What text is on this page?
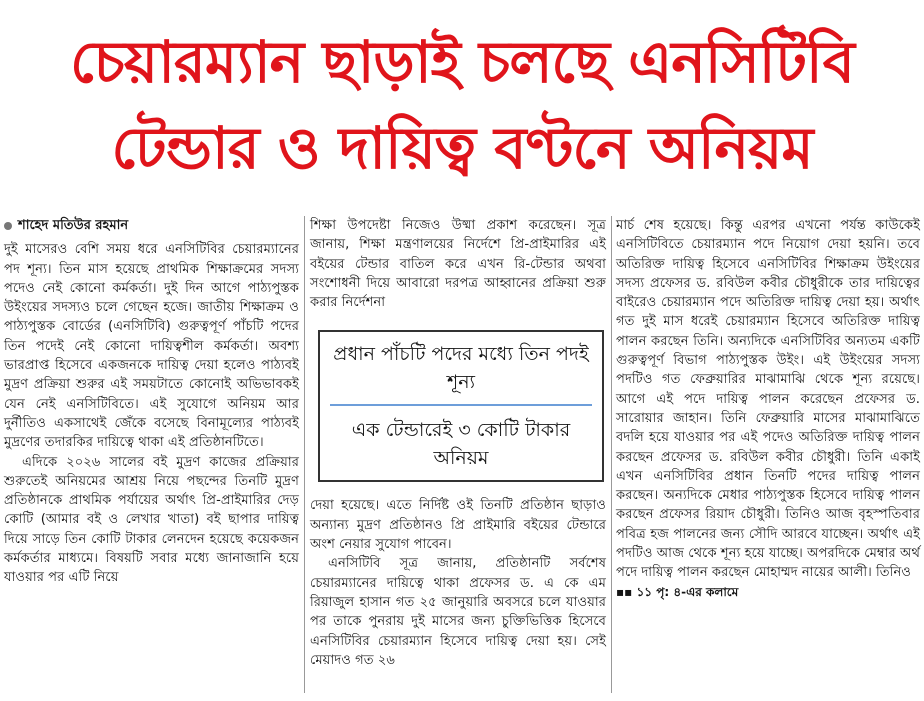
চেয়ারম্যান ছাড়াই চলছে এনসিটিবি
টেন্ডার ও দায়িত্ব বণ্টনে অনিয়ম
শাহেদ মতিউর রহমান

দুই মাসেরও বেশি সময় ধরে এনসিটিবির চেয়ারম্যানের পদ শূন্য। তিন মাস হয়েছে প্রাথমিক শিক্ষাক্রমের সদস্য পদেও নেই কোনো কর্মকর্তা। দুই দিন আগে পাঠ্যপুস্তক উইংয়ের সদস্যও চলে গেছেন হজে। জাতীয় শিক্ষাক্রম ও পাঠ্যপুস্তক বোর্ডের (এনসিটিবি) গুরুত্বপূর্ণ পাঁচটি পদের তিন পদেই নেই কোনো দায়িত্বশীল কর্মকর্তা। অবশ্য ভারপ্রাপ্ত হিসেবে একজনকে দায়িত্ব দেয়া হলেও পাঠ্যবই মুদ্রণ প্রক্রিয়া শুরুর এই সময়টাতে কোনোই অভিভাবকই যেন নেই এনসিটিবিতে। এই সুযোগে অনিয়ম আর দুর্নীতিও একসাথেই জেঁকে বসেছে বিনামূল্যের পাঠ্যবই মুদ্রণের তদারকির দায়িত্বে থাকা এই প্রতিষ্ঠানটিতে।

এদিকে ২০২৬ সালের বই মুদ্রণ কাজের প্রক্রিয়ার শুরুতেই অনিয়মের আশ্রয় নিয়ে পছন্দের তিনটি মুদ্রণ প্রতিষ্ঠানকে প্রাথমিক পর্যায়ের অর্থাৎ প্রি-প্রাইমারির দেড় কোটি (আমার বই ও লেখার খাতা) বই ছাপার দায়িত্ব দিয়ে সাড়ে তিন কোটি টাকার লেনদেন হয়েছে কয়েকজন কর্মকর্তার মাধ্যমে। বিষয়টি সবার মধ্যে জানাজানি হয়ে যাওয়ার পর এটি নিয়ে

শিক্ষা উপদেষ্টা নিজেও উষ্মা প্রকাশ করেছেন। সূত্র জানায়, শিক্ষা মন্ত্রণালয়ের নির্দেশে প্রি-প্রাইমারির এই বইয়ের টেন্ডার বাতিল করে এখন রি-টেন্ডার অথবা সংশোধনী দিয়ে আবারো দরপত্র আহ্বানের প্রক্রিয়া শুরু করার নির্দেশনা

প্রধান পাঁচটি পদের মধ্যে তিন পদই শূন্য
এক টেন্ডারেই ৩ কোটি টাকার অনিয়ম

দেয়া হয়েছে। এতে নির্দিষ্ট ওই তিনটি প্রতিষ্ঠান ছাড়াও অন্যান্য মুদ্রণ প্রতিষ্ঠানও প্রি প্রাইমারি বইয়ের টেন্ডারে অংশ নেয়ার সুযোগ পাবেন।

এনসিটিবি সূত্র জানায়, প্রতিষ্ঠানটি সর্বশেষ চেয়ারম্যানের দায়িত্বে থাকা প্রফেসর ড. এ কে এম রিয়াজুল হাসান গত ২৫ জানুয়ারি অবসরে চলে যাওয়ার পর তাকে পুনরায় দুই মাসের জন্য চুক্তিভিত্তিক হিসেবে এনসিটিবির চেয়ারম্যান হিসেবে দায়িত্ব দেয়া হয়। সেই মেয়াদও গত ২৬

মার্চ শেষ হয়েছে। কিন্তু এরপর এখনো পর্যন্ত কাউকেই এনসিটিবিতে চেয়ারম্যান পদে নিয়োগ দেয়া হয়নি। তবে অতিরিক্ত দায়িত্ব হিসেবে এনসিটিবির শিক্ষাক্রম উইংয়ের সদস্য প্রফেসর ড. রবিউল কবীর চৌধুরীকে তার দায়িত্বের বাইরেও চেয়ারম্যান পদে অতিরিক্ত দায়িত্ব দেয়া হয়। অর্থাৎ গত দুই মাস ধরেই চেয়ারম্যান হিসেবে অতিরিক্ত দায়িত্ব পালন করছেন তিনি। অন্যদিকে এনসিটিবির অন্যতম একটি গুরুত্বপূর্ণ বিভাগ পাঠ্যপুস্তক উইং। এই উইংয়ের সদস্য পদটিও গত ফেব্রুয়ারির মাঝামাঝি থেকে শূন্য রয়েছে। আগে এই পদে দায়িত্ব পালন করেছেন প্রফেসর ড. সারোয়ার জাহান। তিনি ফেব্রুয়ারি মাসের মাঝামাঝিতে বদলি হয়ে যাওয়ার পর এই পদেও অতিরিক্ত দায়িত্ব পালন করছেন প্রফেসর ড. রবিউল কবীর চৌধুরী। তিনি একাই এখন এনসিটিবির প্রধান তিনটি পদের দায়িত্ব পালন করছেন। অন্যদিকে মেধার পাঠ্যপুস্তক হিসেবে দায়িত্ব পালন করছেন প্রফেসর রিয়াদ চৌধুরী। তিনিও আজ বৃহস্পতিবার পবিত্র হজ পালনের জন্য সৌদি আরবে যাচ্ছেন। অর্থাৎ এই পদটিও আজ থেকে শূন্য হয়ে যাচ্ছে। অপরদিকে মেম্বার অর্থ পদে দায়িত্ব পালন করছেন মোহাম্মদ নায়ের আলী। তিনিও

▪▪ ১১ পৃ: ৪-এর কলামে
